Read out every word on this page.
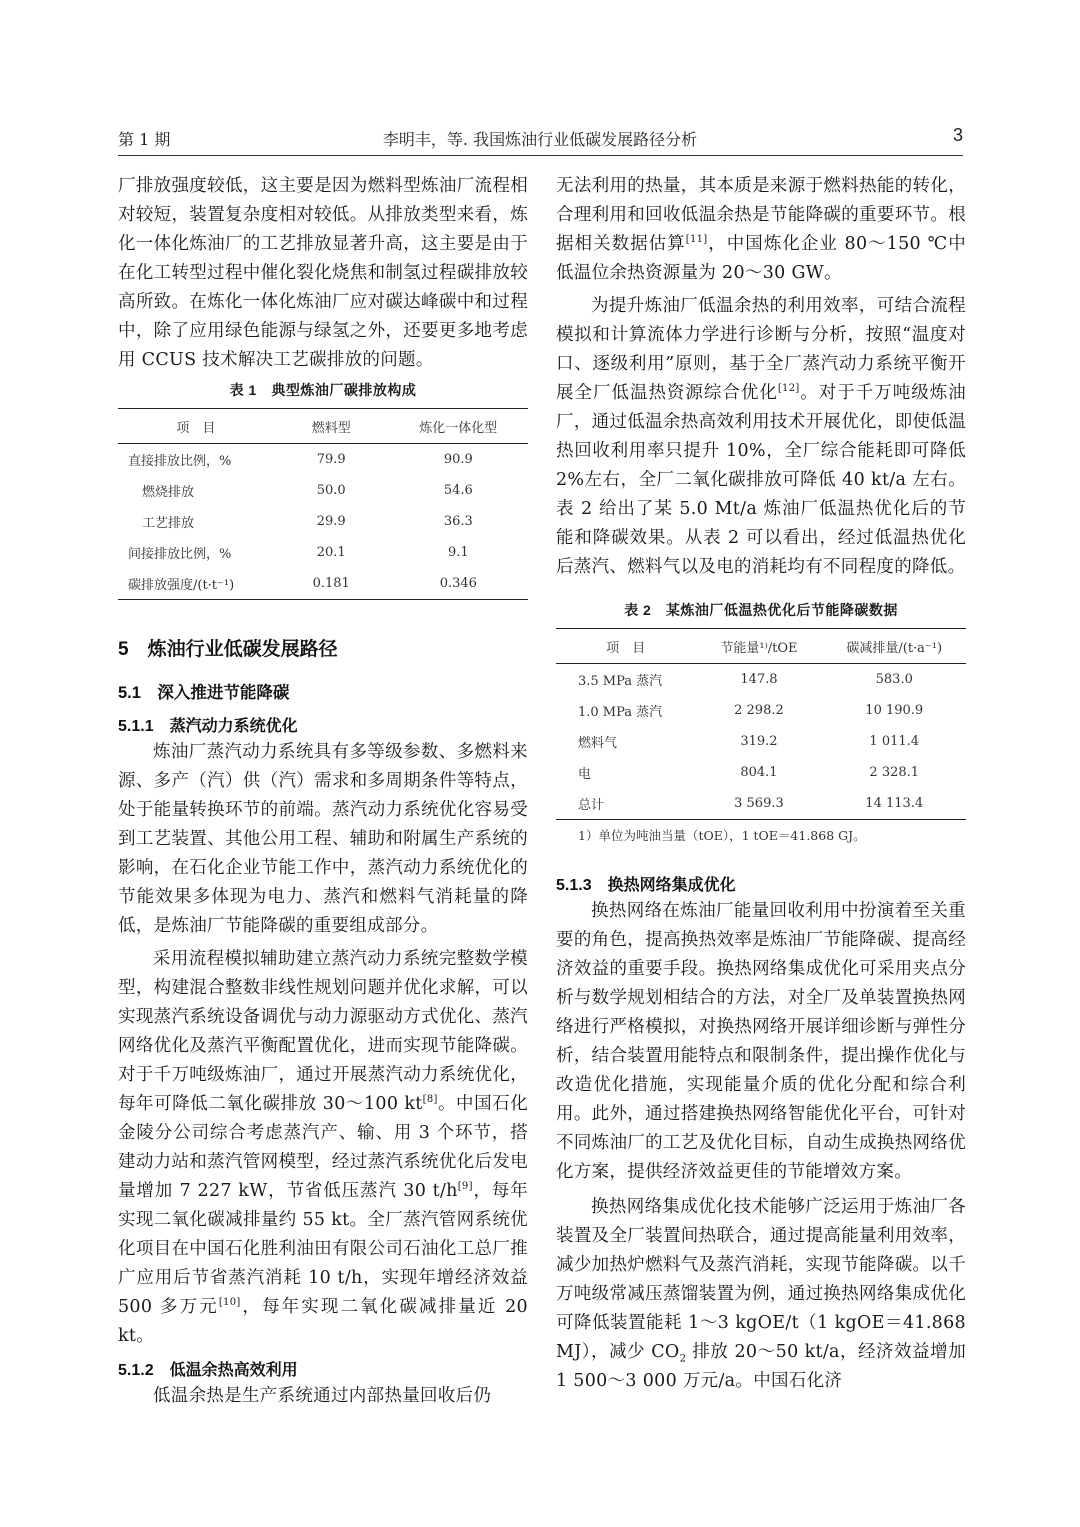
第 1 期	李明丰，等. 我国炼油行业低碳发展路径分析	3

厂排放强度较低，这主要是因为燃料型炼油厂流程相对较短，装置复杂度相对较低。从排放类型来看，炼化一体化炼油厂的工艺排放显著升高，这主要是由于在化工转型过程中催化裂化烧焦和制氢过程碳排放较高所致。在炼化一体化炼油厂应对碳达峰碳中和过程中，除了应用绿色能源与绿氢之外，还要更多地考虑用 CCUS 技术解决工艺碳排放的问题。

表 1　典型炼油厂碳排放构成
项　目	燃料型	炼化一体化型
直接排放比例，%	79.9	90.9
燃烧排放	50.0	54.6
工艺排放	29.9	36.3
间接排放比例，%	20.1	9.1
碳排放强度/(t·t⁻¹)	0.181	0.346
5　炼油行业低碳发展路径
5.1　深入推进节能降碳
5.1.1　蒸汽动力系统优化

炼油厂蒸汽动力系统具有多等级参数、多燃料来源、多产（汽）供（汽）需求和多周期条件等特点，处于能量转换环节的前端。蒸汽动力系统优化容易受到工艺装置、其他公用工程、辅助和附属生产系统的影响，在石化企业节能工作中，蒸汽动力系统优化的节能效果多体现为电力、蒸汽和燃料气消耗量的降低，是炼油厂节能降碳的重要组成部分。

采用流程模拟辅助建立蒸汽动力系统完整数学模型，构建混合整数非线性规划问题并优化求解，可以实现蒸汽系统设备调优与动力源驱动方式优化、蒸汽网络优化及蒸汽平衡配置优化，进而实现节能降碳。对于千万吨级炼油厂，通过开展蒸汽动力系统优化，每年可降低二氧化碳排放 30～100 kt[8]。中国石化金陵分公司综合考虑蒸汽产、输、用 3 个环节，搭建动力站和蒸汽管网模型，经过蒸汽系统优化后发电量增加 7 227 kW，节省低压蒸汽 30 t/h[9]，每年实现二氧化碳减排量约 55 kt。全厂蒸汽管网系统优化项目在中国石化胜利油田有限公司石油化工总厂推广应用后节省蒸汽消耗 10 t/h，实现年增经济效益 500 多万元[10]，每年实现二氧化碳减排量近 20 kt。

5.1.2　低温余热高效利用

低温余热是生产系统通过内部热量回收后仍

无法利用的热量，其本质是来源于燃料热能的转化，合理利用和回收低温余热是节能降碳的重要环节。根据相关数据估算[11]，中国炼化企业 80～150 ℃中低温位余热资源量为 20～30 GW。

为提升炼油厂低温余热的利用效率，可结合流程模拟和计算流体力学进行诊断与分析，按照“温度对口、逐级利用”原则，基于全厂蒸汽动力系统平衡开展全厂低温热资源综合优化[12]。对于千万吨级炼油厂，通过低温余热高效利用技术开展优化，即使低温热回收利用率只提升 10%，全厂综合能耗即可降低 2%左右，全厂二氧化碳排放可降低 40 kt/a 左右。表 2 给出了某 5.0 Mt/a 炼油厂低温热优化后的节能和降碳效果。从表 2 可以看出，经过低温热优化后蒸汽、燃料气以及电的消耗均有不同程度的降低。

表 2　某炼油厂低温热优化后节能降碳数据
项　目	节能量¹⁾/tOE	碳减排量/(t·a⁻¹)
3.5 MPa 蒸汽	147.8	583.0
1.0 MPa 蒸汽	2 298.2	10 190.9
燃料气	319.2	1 011.4
电	804.1	2 328.1
总计	3 569.3	14 113.4

1）单位为吨油当量（tOE），1 tOE＝41.868 GJ。

5.1.3　换热网络集成优化

换热网络在炼油厂能量回收利用中扮演着至关重要的角色，提高换热效率是炼油厂节能降碳、提高经济效益的重要手段。换热网络集成优化可采用夹点分析与数学规划相结合的方法，对全厂及单装置换热网络进行严格模拟，对换热网络开展详细诊断与弹性分析，结合装置用能特点和限制条件，提出操作优化与改造优化措施，实现能量介质的优化分配和综合利用。此外，通过搭建换热网络智能优化平台，可针对不同炼油厂的工艺及优化目标，自动生成换热网络优化方案，提供经济效益更佳的节能增效方案。

换热网络集成优化技术能够广泛运用于炼油厂各装置及全厂装置间热联合，通过提高能量利用效率，减少加热炉燃料气及蒸汽消耗，实现节能降碳。以千万吨级常减压蒸馏装置为例，通过换热网络集成优化可降低装置能耗 1～3 kgOE/t（1 kgOE＝41.868 MJ），减少 $CO_2$ 排放 20～50 kt/a，经济效益增加 1 500～3 000 万元/a。中国石化济
